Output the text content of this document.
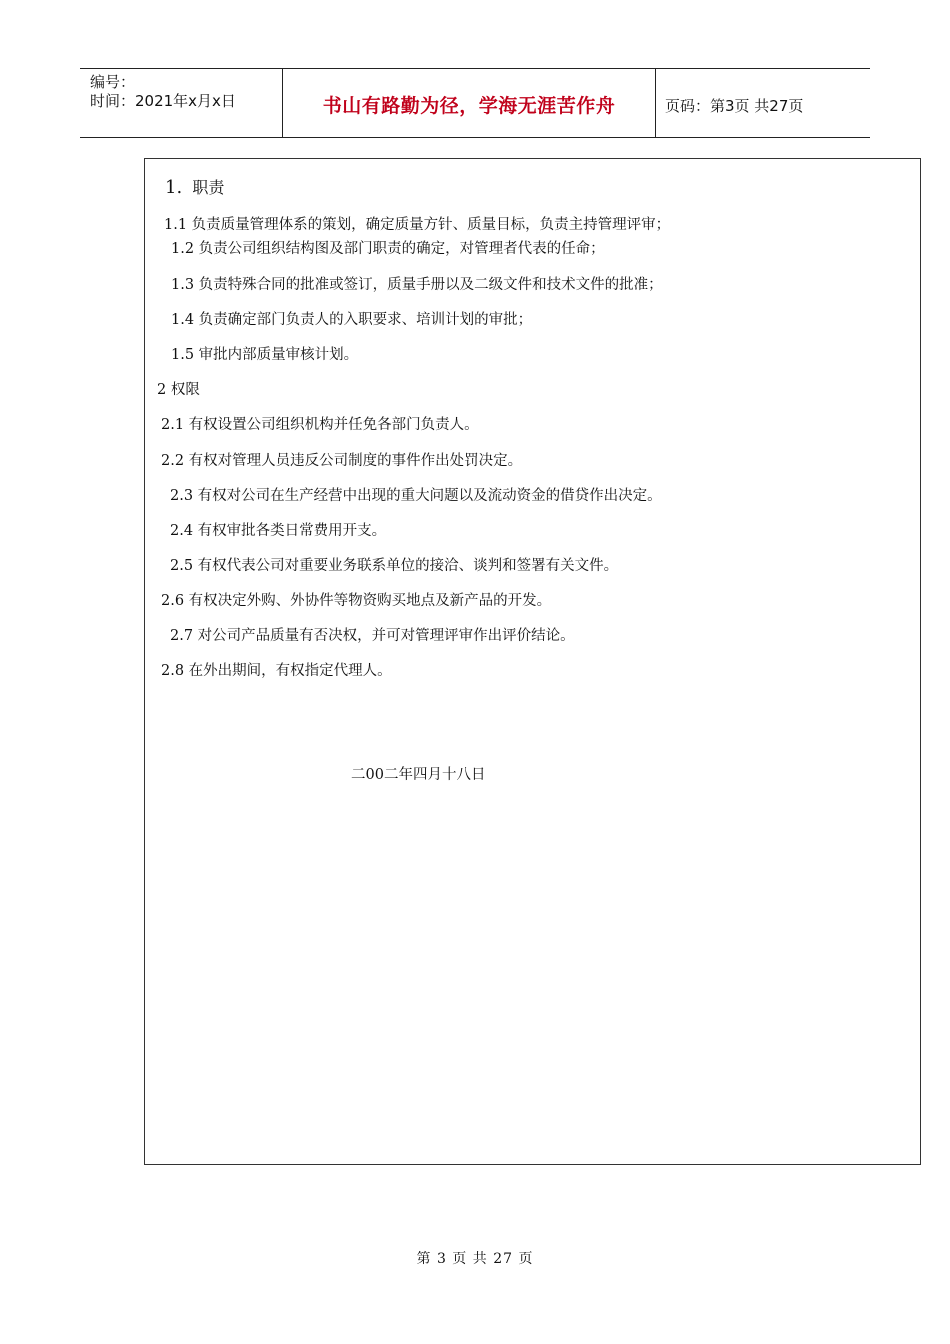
编号：
时间：2021年x月x日	书山有路勤为径，学海无涯苦作舟	页码：第3页 共27页
1. 职责
1.1 负责质量管理体系的策划，确定质量方针、质量目标，负责主持管理评审；
1.2 负责公司组织结构图及部门职责的确定，对管理者代表的任命；
1.3 负责特殊合同的批准或签订，质量手册以及二级文件和技术文件的批准；
1.4 负责确定部门负责人的入职要求、培训计划的审批；
1.5 审批内部质量审核计划。
2 权限
2.1 有权设置公司组织机构并任免各部门负责人。
2.2 有权对管理人员违反公司制度的事件作出处罚决定。
2.3 有权对公司在生产经营中出现的重大问题以及流动资金的借贷作出决定。
2.4 有权审批各类日常费用开支。
2.5 有权代表公司对重要业务联系单位的接洽、谈判和签署有关文件。
2.6 有权决定外购、外协件等物资购买地点及新产品的开发。
2.7 对公司产品质量有否决权，并可对管理评审作出评价结论。
2.8 在外出期间，有权指定代理人。
二00二年四月十八日
第 3 页 共 27 页
